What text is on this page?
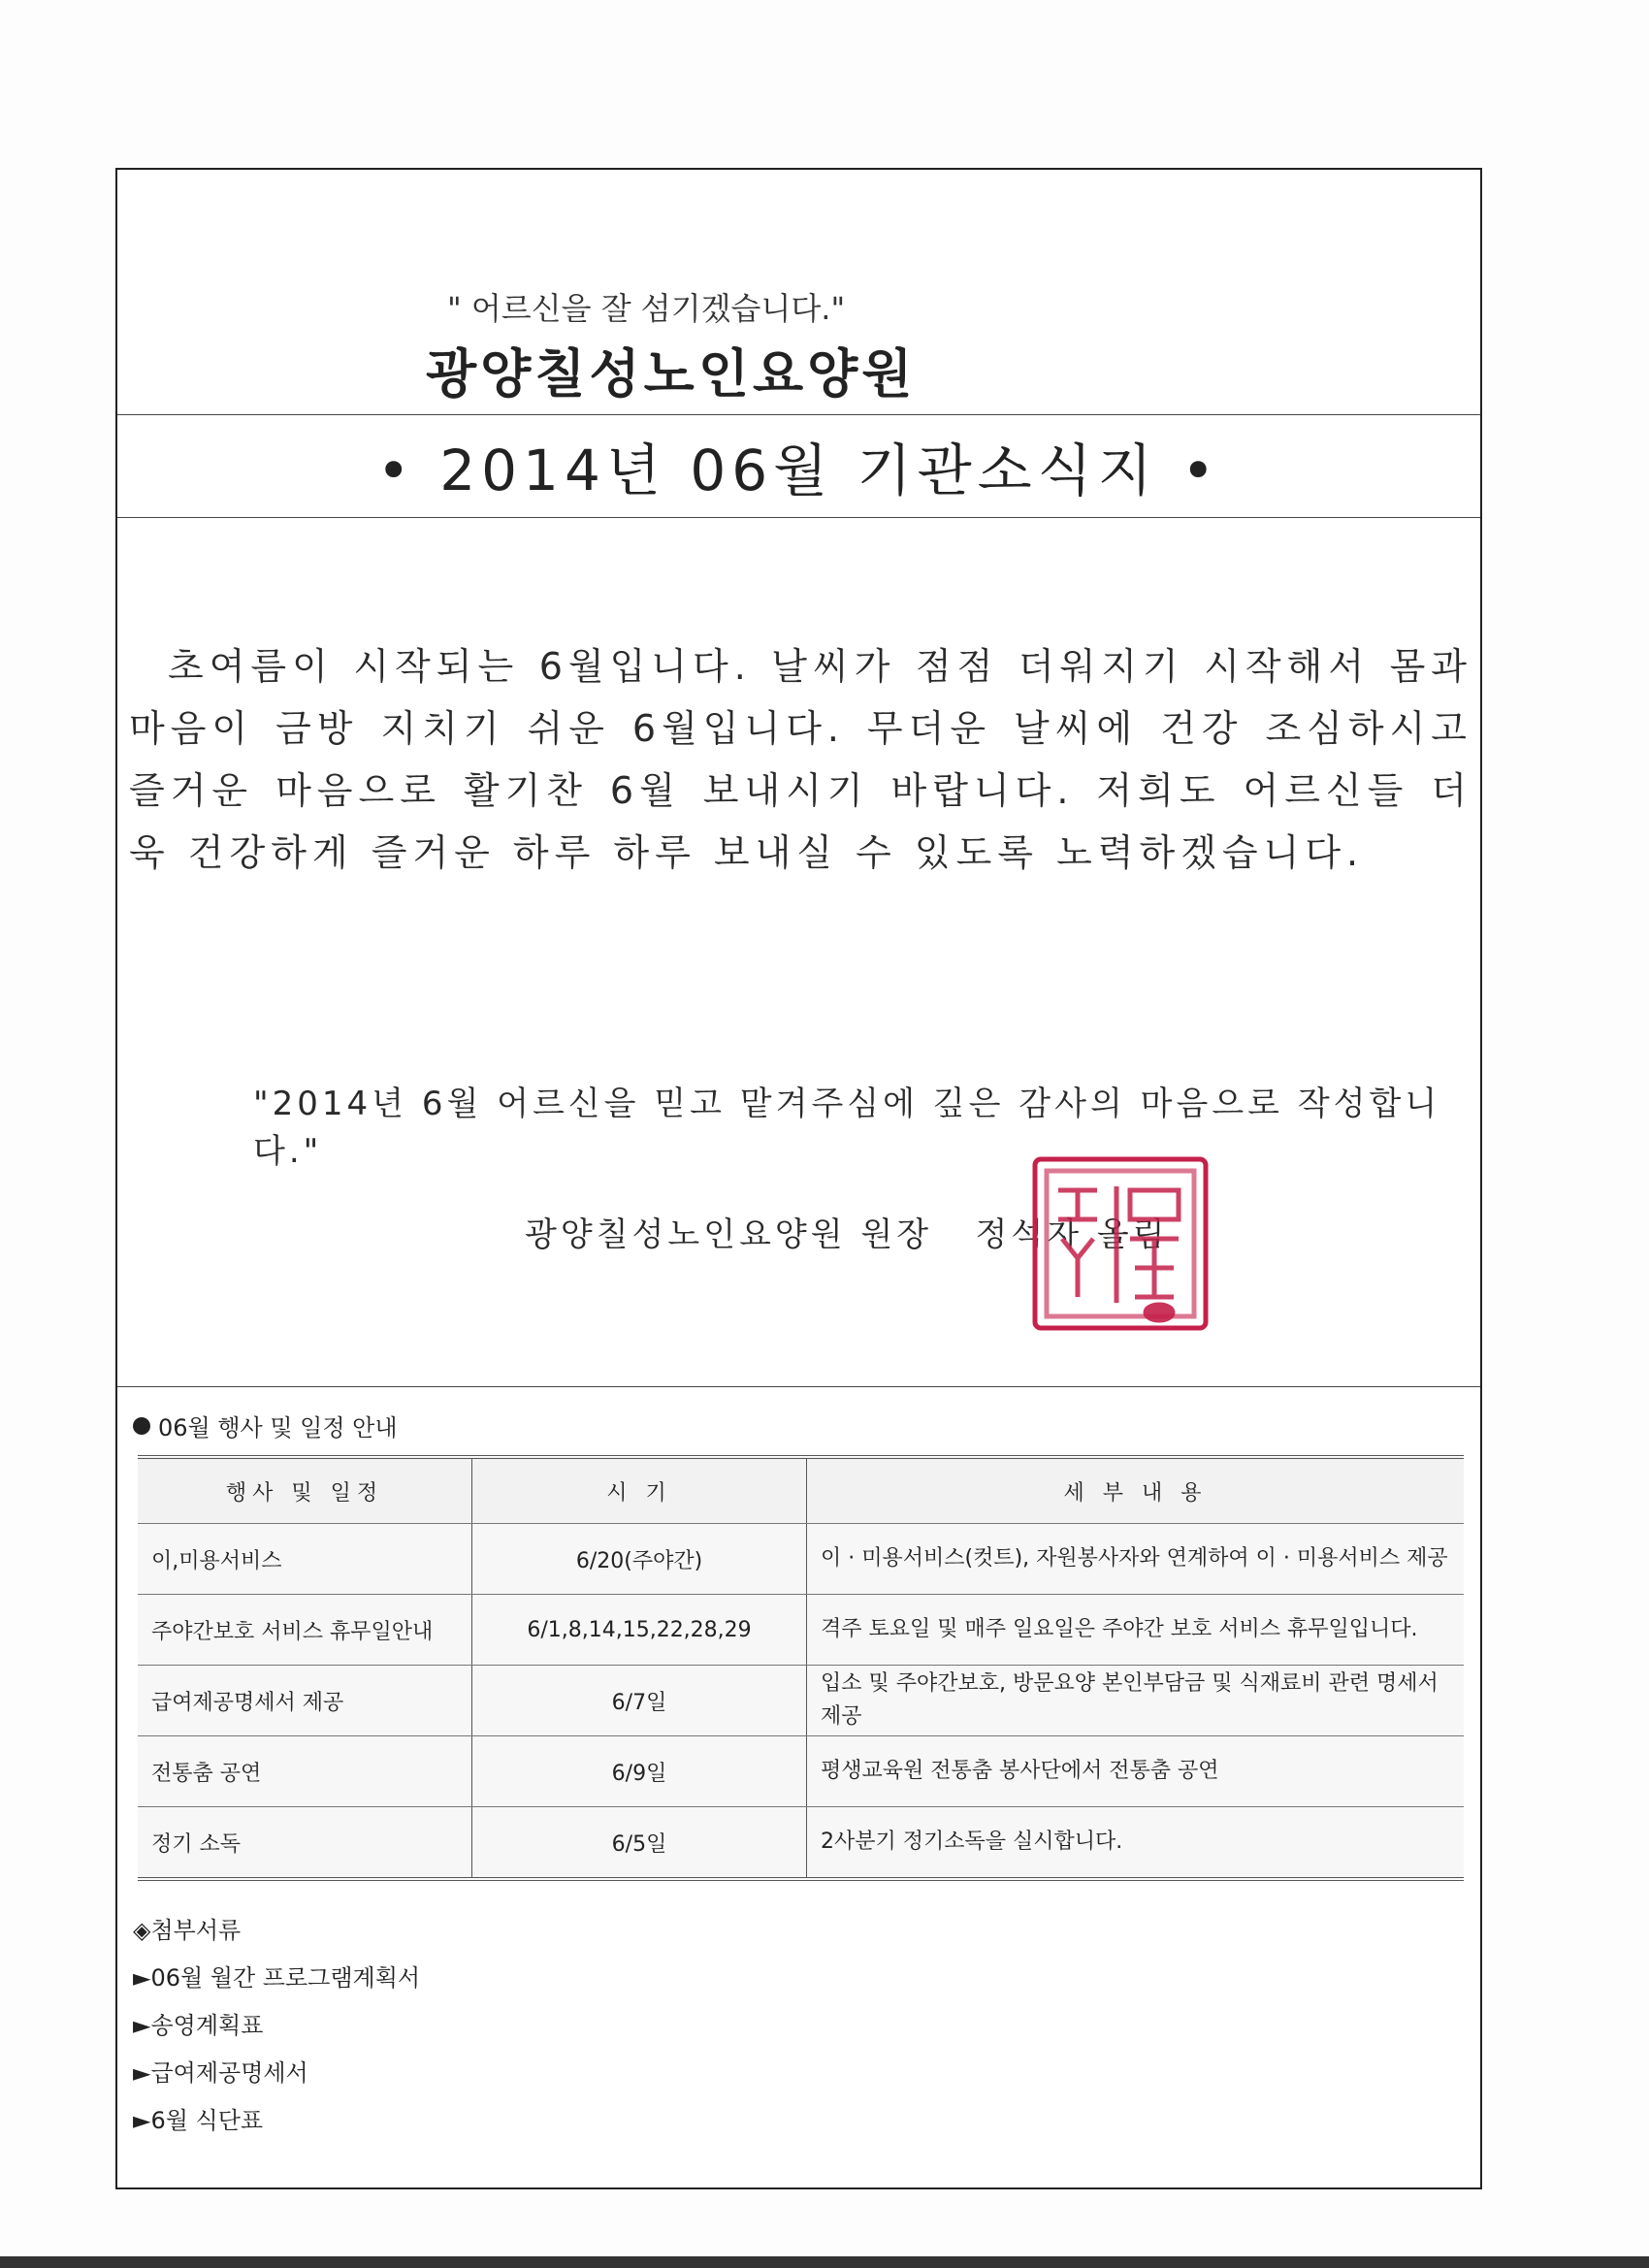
" 어르신을 잘 섬기겠습니다."
광양칠성노인요양원
• 2014년 06월 기관소식지 •
초여름이 시작되는 6월입니다. 날씨가 점점 더워지기 시작해서 몸과 마음이 금방 지치기 쉬운 6월입니다. 무더운 날씨에 건강 조심하시고 즐거운 마음으로 활기찬 6월 보내시기 바랍니다. 저희도 어르신들 더욱 건강하게 즐거운 하루 하루 보내실 수 있도록 노력하겠습니다.
"2014년 6월 어르신을 믿고 맡겨주심에 깊은 감사의 마음으로 작성합니다."
광양칠성노인요양원 원장   정석자 올림
06월 행사 및 일정 안내
행사 및 일정	시 기	세 부 내 용
이,미용서비스	6/20(주야간)	이 · 미용서비스(컷트), 자원봉사자와 연계하여 이 · 미용서비스 제공
주야간보호 서비스 휴무일안내	6/1,8,14,15,22,28,29	격주 토요일 및 매주 일요일은 주야간 보호 서비스 휴무일입니다.
급여제공명세서 제공	6/7일	입소 및 주야간보호, 방문요양 본인부담금 및 식재료비 관련 명세서 제공
전통춤 공연	6/9일	평생교육원 전통춤 봉사단에서 전통춤 공연
정기 소독	6/5일	2사분기 정기소독을 실시합니다.
◈첨부서류
►06월 월간 프로그램계획서
►송영계획표
►급여제공명세서
►6월 식단표
